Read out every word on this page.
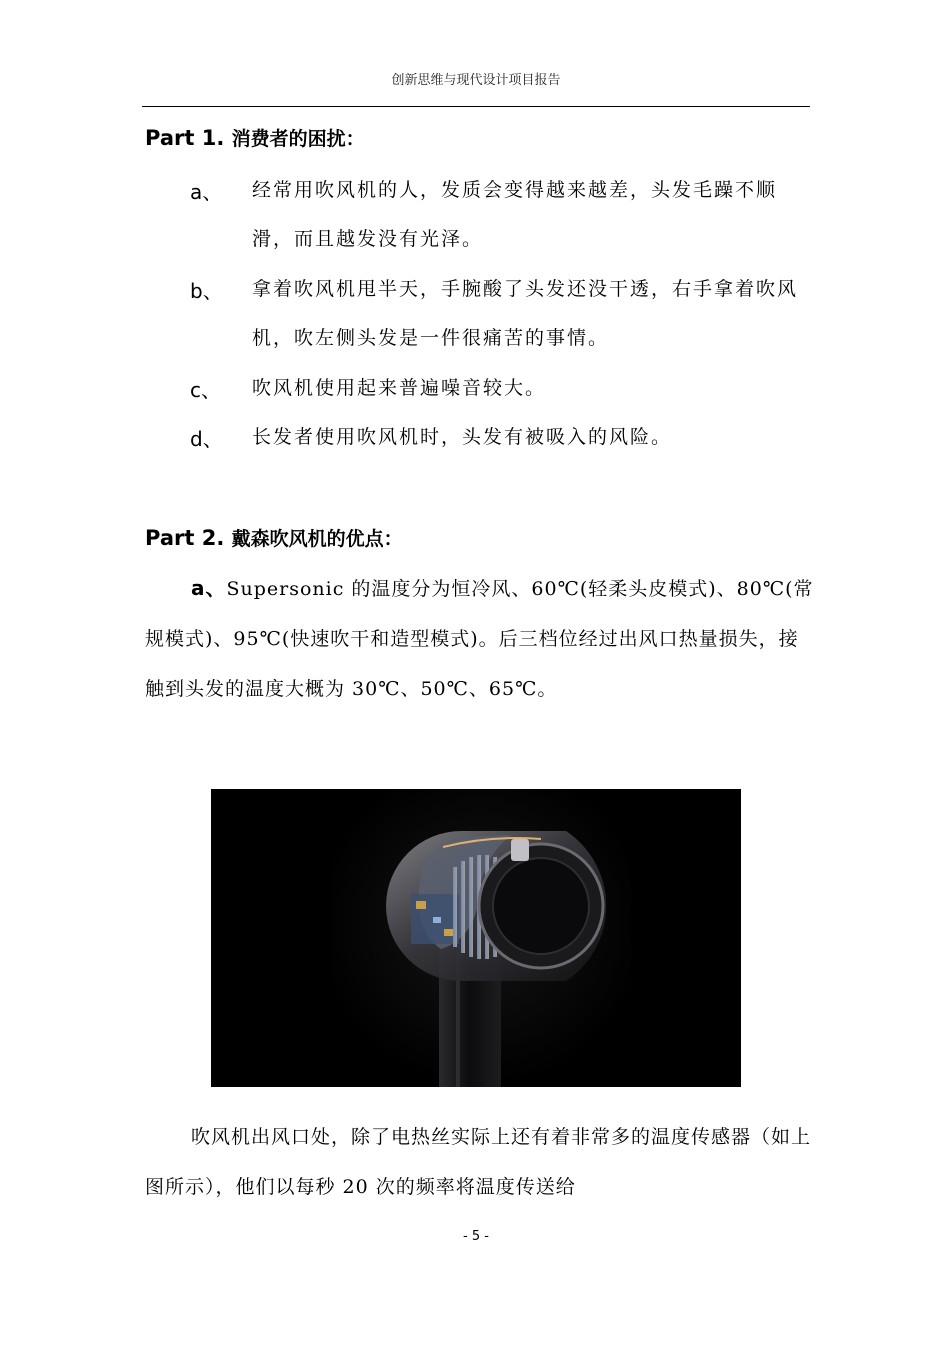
创新思维与现代设计项目报告
Part 1. 消费者的困扰：
a、 经常用吹风机的人，发质会变得越来越差，头发毛躁不顺滑，而且越发没有光泽。
b、 拿着吹风机甩半天，手腕酸了头发还没干透，右手拿着吹风机，吹左侧头发是一件很痛苦的事情。
c、 吹风机使用起来普遍噪音较大。
d、 长发者使用吹风机时，头发有被吸入的风险。
Part 2. 戴森吹风机的优点：
a、Supersonic 的温度分为恒冷风、60℃(轻柔头皮模式)、80℃(常规模式)、95℃(快速吹干和造型模式)。后三档位经过出风口热量损失，接触到头发的温度大概为 30℃、50℃、65℃。
吹风机出风口处，除了电热丝实际上还有着非常多的温度传感器（如上图所示），他们以每秒 20 次的频率将温度传送给
- 5 -
